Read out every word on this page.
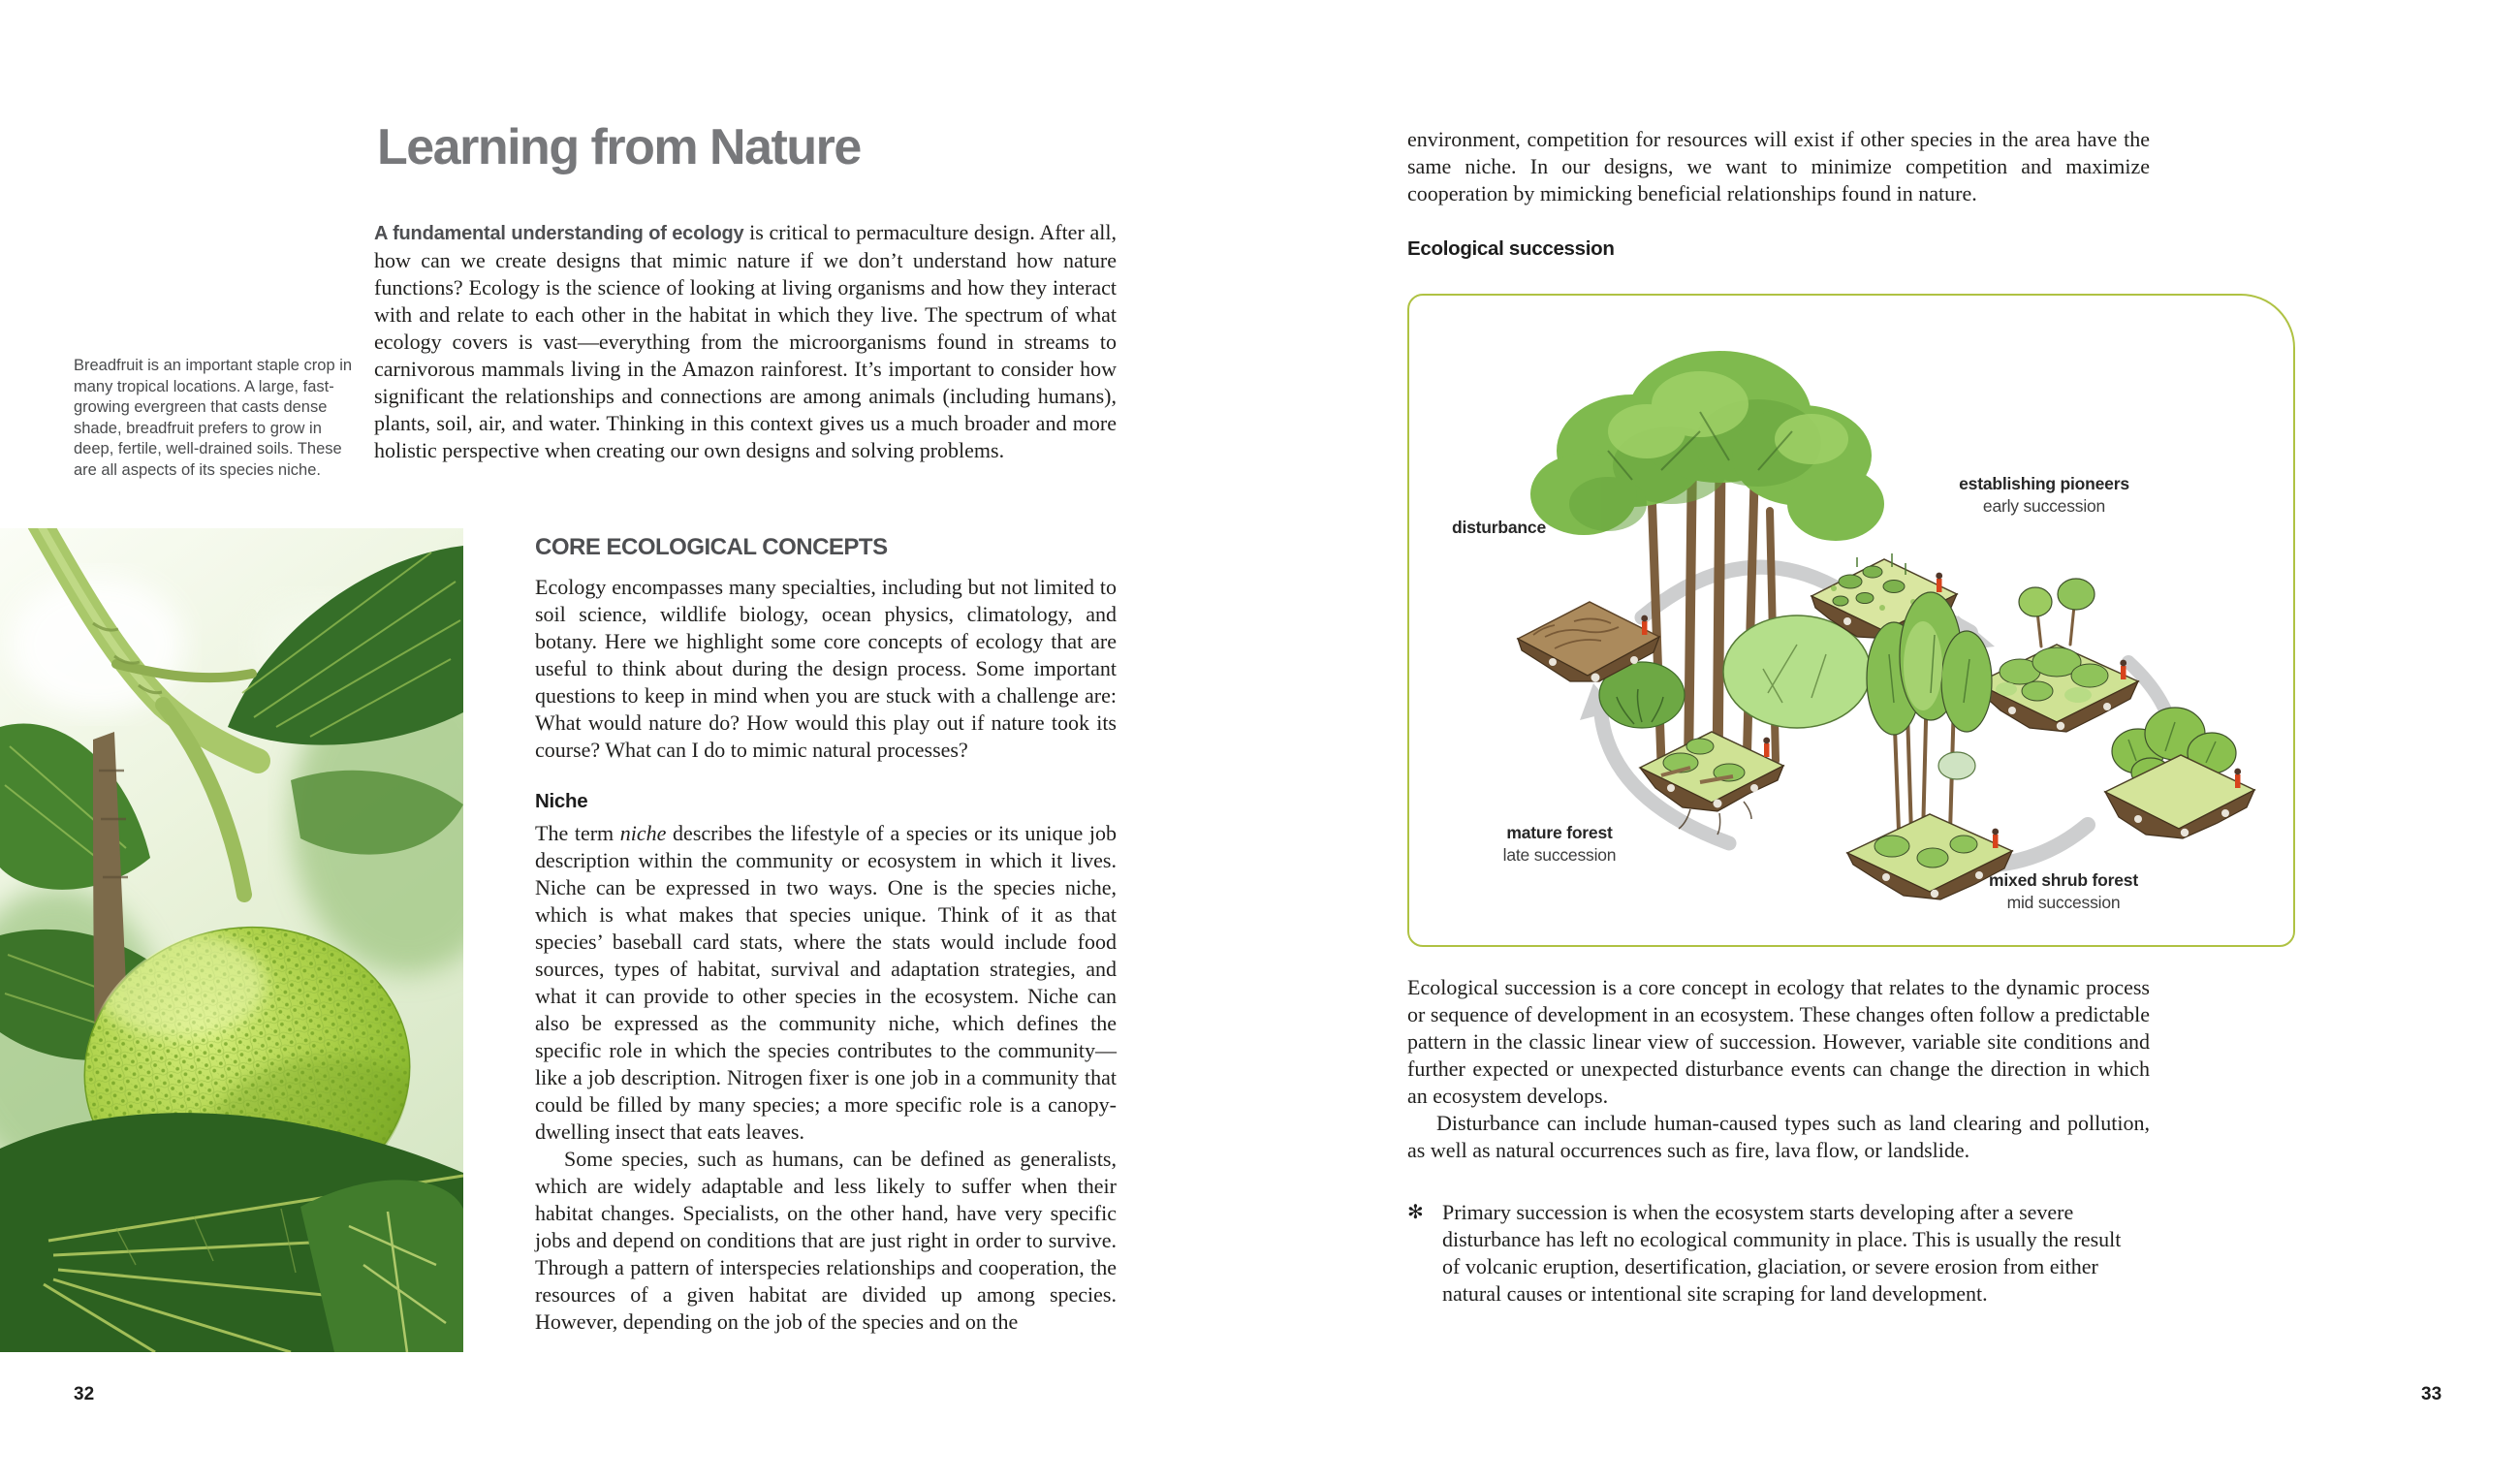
Learning from Nature

A fundamental understanding of ecology is critical to permaculture design. After all, how can we create designs that mimic nature if we don’t understand how nature functions? Ecology is the science of looking at living organisms and how they interact with and relate to each other in the habitat in which they live. The spectrum of what ecology covers is vast—everything from the microorganisms found in streams to carnivorous mammals living in the Amazon rainforest. It’s important to consider how significant the relationships and connections are among animals (including humans), plants, soil, air, and water. Thinking in this context gives us a much broader and more holistic perspective when creating our own designs and solving problems.

Breadfruit is an important staple crop in many tropical locations. A large, fast-growing evergreen that casts dense shade, breadfruit prefers to grow in deep, fertile, well-drained soils. These are all aspects of its species niche.
CORE ECOLOGICAL CONCEPTS

Ecology encompasses many specialties, including but not limited to soil science, wildlife biology, ocean physics, climatology, and botany. Here we highlight some core concepts of ecology that are useful to think about during the design process. Some important questions to keep in mind when you are stuck with a challenge are: What would nature do? How would this play out if nature took its course? What can I do to mimic natural processes?

Niche

The term niche describes the lifestyle of a species or its unique job description within the community or ecosystem in which it lives. Niche can be expressed in two ways. One is the species niche, which is what makes that species unique. Think of it as that species’ baseball card stats, where the stats would include food sources, types of habitat, survival and adaptation strategies, and what it can provide to other species in the ecosystem. Niche can also be expressed as the community niche, which defines the specific role in which the species contributes to the community—like a job description. Nitrogen fixer is one job in a community that could be filled by many species; a more specific role is a canopy-dwelling insect that eats leaves.

Some species, such as humans, can be defined as generalists, which are widely adaptable and less likely to suffer when their habitat changes. Specialists, on the other hand, have very specific jobs and depend on conditions that are just right in order to survive. Through a pattern of interspecies relationships and cooperation, the resources of a given habitat are divided up among species. However, depending on the job of the species and on the

32

environment, competition for resources will exist if other species in the area have the same niche. In our designs, we want to minimize competition and maximize cooperation by mimicking beneficial relationships found in nature.

Ecological succession
disturbance
establishing pioneers
early succession
mature forest
late succession
mixed shrub forest
mid succession

Ecological succession is a core concept in ecology that relates to the dynamic process or sequence of development in an ecosystem. These changes often follow a predictable pattern in the classic linear view of succession. However, variable site conditions and further expected or unexpected disturbance events can change the direction in which an ecosystem develops.

Disturbance can include human-caused types such as land clearing and pollution, as well as natural occurrences such as fire, lava flow, or landslide.

✻ Primary succession is when the ecosystem starts developing after a severe disturbance has left no ecological community in place. This is usually the result of volcanic eruption, desertification, glaciation, or severe erosion from either natural causes or intentional site scraping for land development.
33
